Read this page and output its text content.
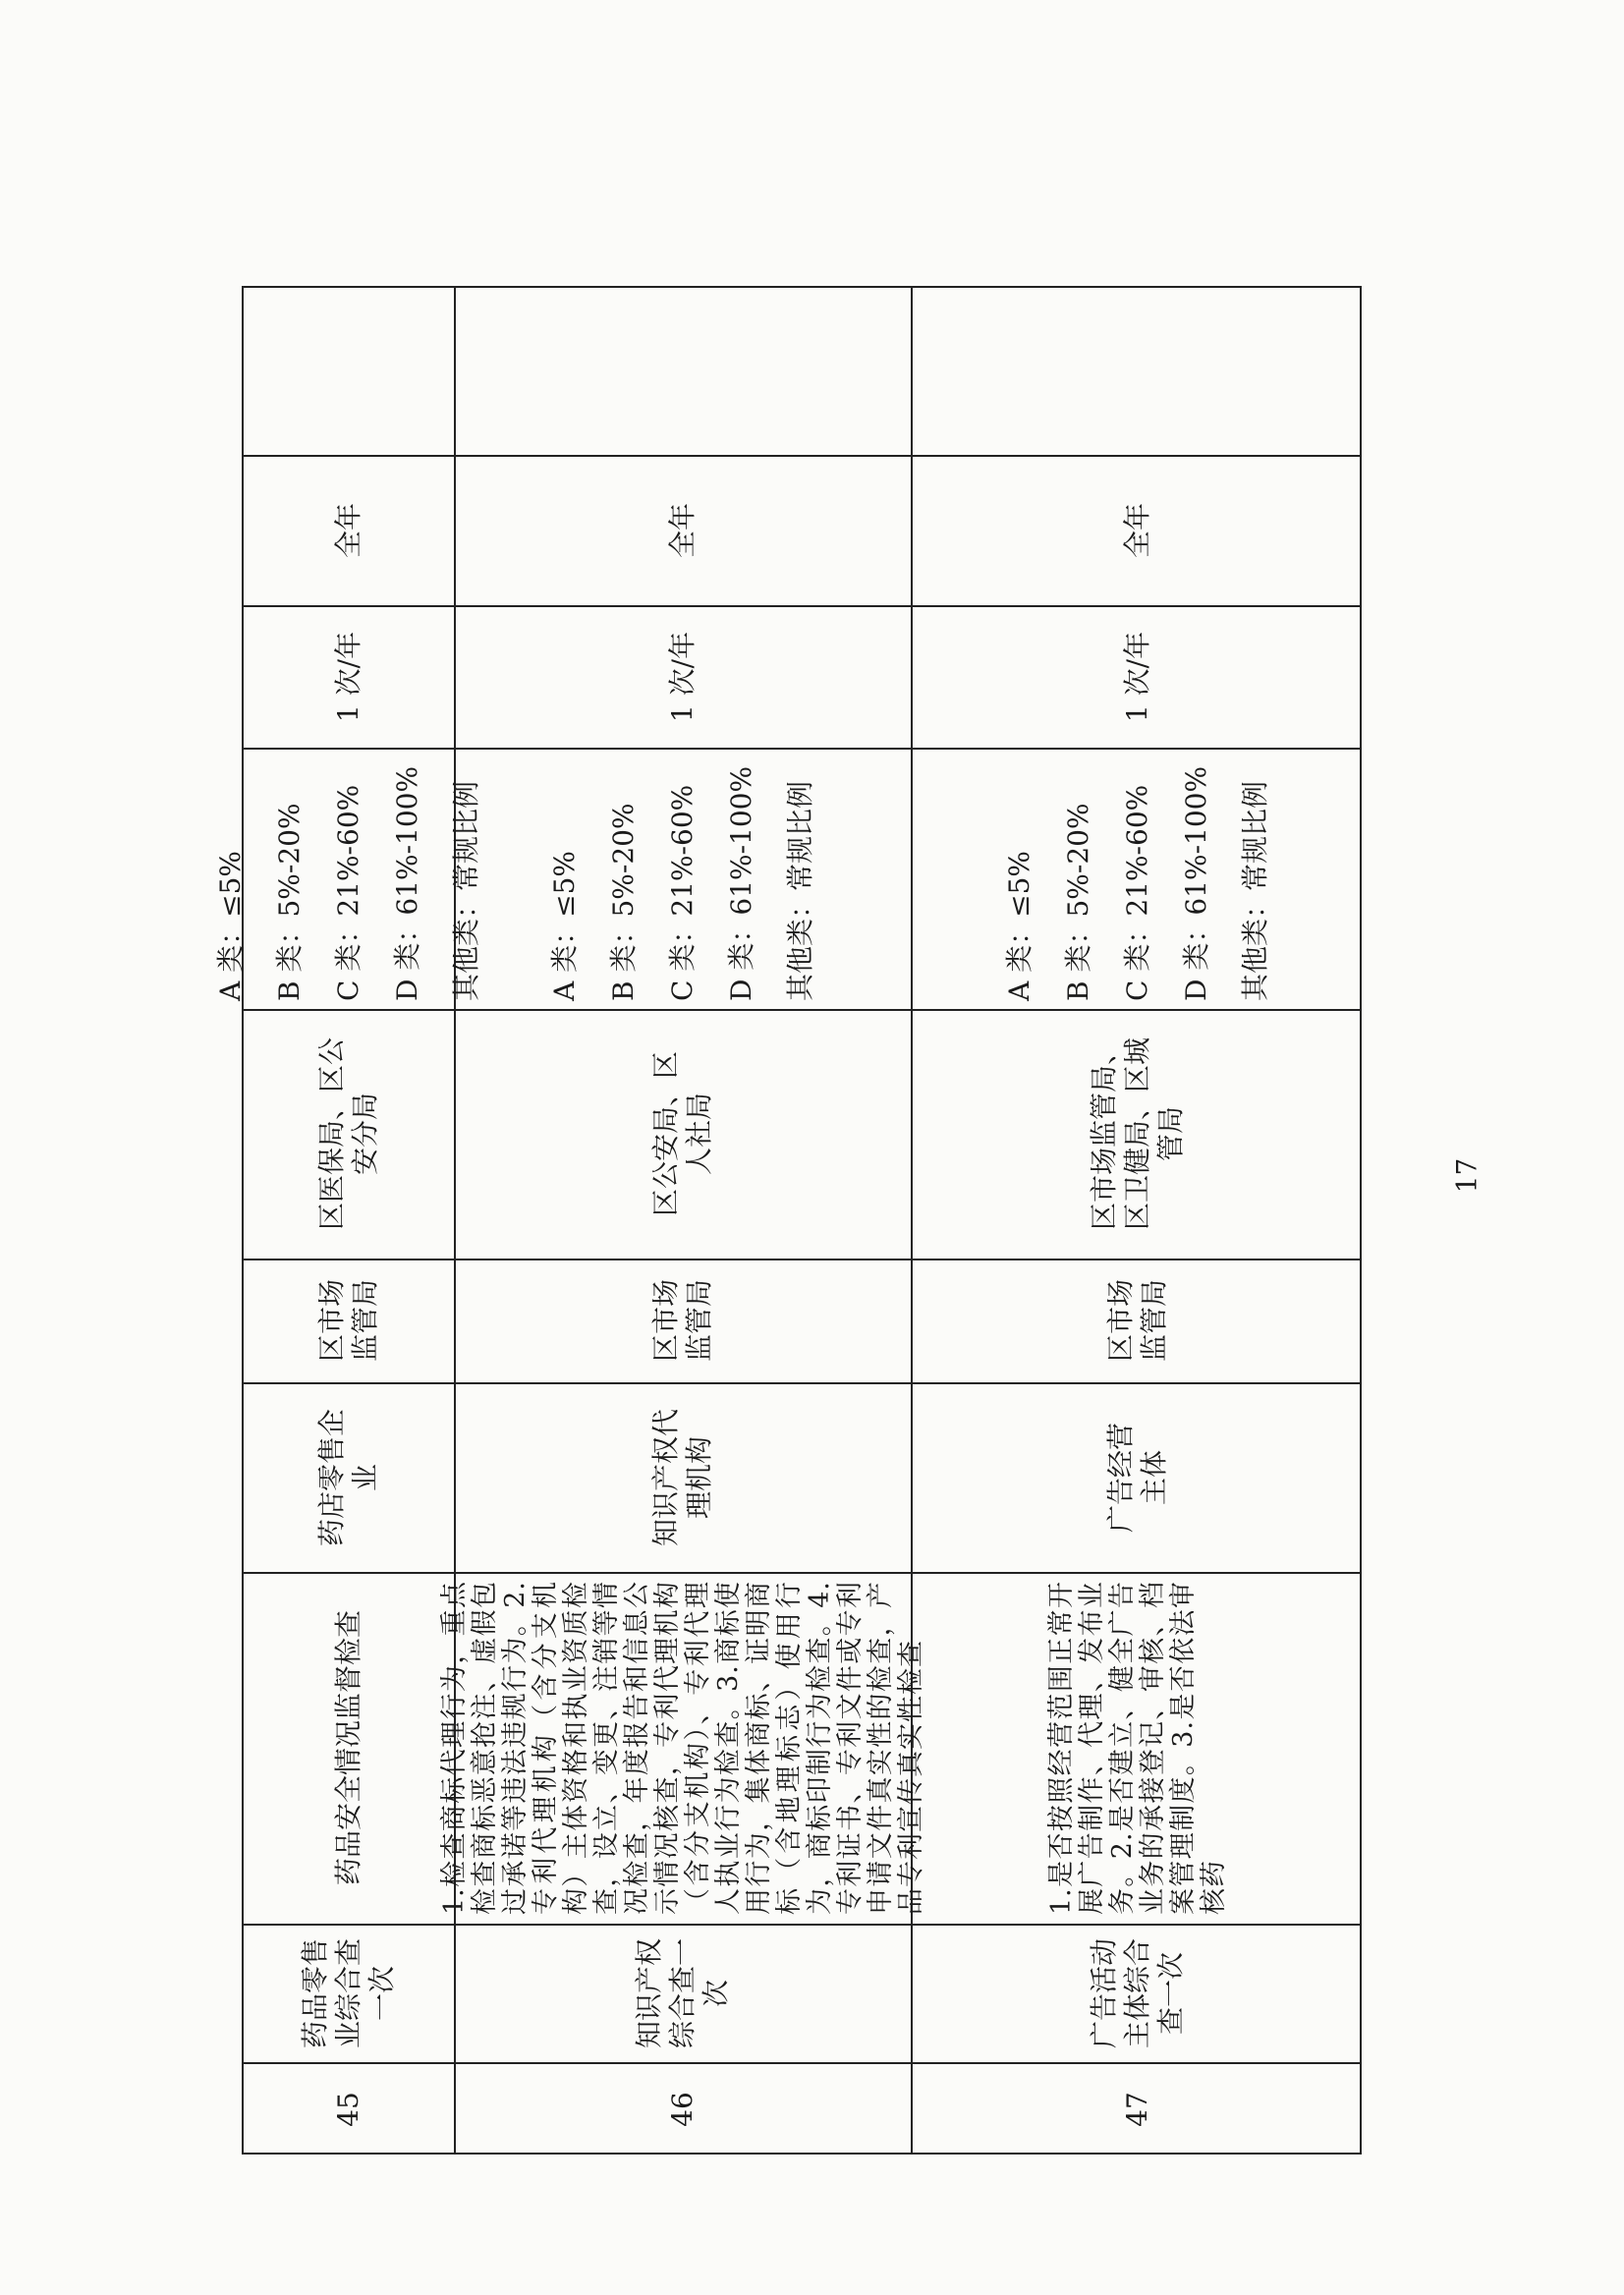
45
药品零售业综合查一次
药品安全情况监督检查
药店零售企业
区市场监管局
区医保局、区公安分局

A 类：≤5% B 类：5%-20% C 类：21%-60% D 类：61%-100% 其他类：常规比例

1 次/年
全年
46
知识产权综合查一次
1.检查商标代理行为，重点检查商标恶意抢注、虚假包过承诺等违法违规行为。2.专利代理机构（含分支机构）主体资格和执业资质检查，设立、变更、注销等情况检查，年度报告和信息公示情况核查，专利代理机构（含分支机构）、专利代理人执业行为检查。3.商标使用行为，集体商标、证明商标（含地理标志）使用行为，商标印制行为检查。4.专利证书、专利文件或专利申请文件真实性的检查，产品专利宣传真实性检查
知识产权代理机构
区市场监管局
区公安局、区人社局

A 类：≤5% B 类：5%-20% C 类：21%-60% D 类：61%-100% 其他类：常规比例

1 次/年
全年
47
广告活动主体综合查一次
1.是否按照经营范围正常开展广告制作、代理、发布业务。2.是否建立、健全广告业务的承接登记、审核、档案管理制度。3.是否依法审核药
广告经营主体
区市场监管局
区市场监管局、区卫健局、区城管局

A 类：≤5% B 类：5%-20% C 类：21%-60% D 类：61%-100% 其他类：常规比例

1 次/年
全年
17
